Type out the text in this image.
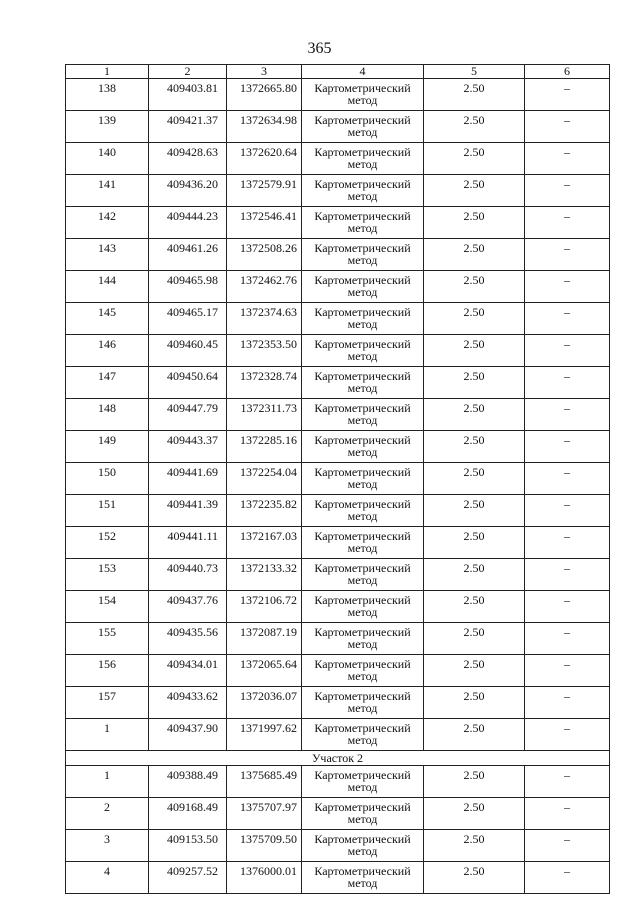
365
1	2	3	4	5	6
138	409403.81	1372665.80	Картометрический метод	2.50	–
139	409421.37	1372634.98	Картометрический метод	2.50	–
140	409428.63	1372620.64	Картометрический метод	2.50	–
141	409436.20	1372579.91	Картометрический метод	2.50	–
142	409444.23	1372546.41	Картометрический метод	2.50	–
143	409461.26	1372508.26	Картометрический метод	2.50	–
144	409465.98	1372462.76	Картометрический метод	2.50	–
145	409465.17	1372374.63	Картометрический метод	2.50	–
146	409460.45	1372353.50	Картометрический метод	2.50	–
147	409450.64	1372328.74	Картометрический метод	2.50	–
148	409447.79	1372311.73	Картометрический метод	2.50	–
149	409443.37	1372285.16	Картометрический метод	2.50	–
150	409441.69	1372254.04	Картометрический метод	2.50	–
151	409441.39	1372235.82	Картометрический метод	2.50	–
152	409441.11	1372167.03	Картометрический метод	2.50	–
153	409440.73	1372133.32	Картометрический метод	2.50	–
154	409437.76	1372106.72	Картометрический метод	2.50	–
155	409435.56	1372087.19	Картометрический метод	2.50	–
156	409434.01	1372065.64	Картометрический метод	2.50	–
157	409433.62	1372036.07	Картометрический метод	2.50	–
1	409437.90	1371997.62	Картометрический метод	2.50	–
Участок 2					
1	409388.49	1375685.49	Картометрический метод	2.50	–
2	409168.49	1375707.97	Картометрический метод	2.50	–
3	409153.50	1375709.50	Картометрический метод	2.50	–
4	409257.52	1376000.01	Картометрический метод	2.50	–
